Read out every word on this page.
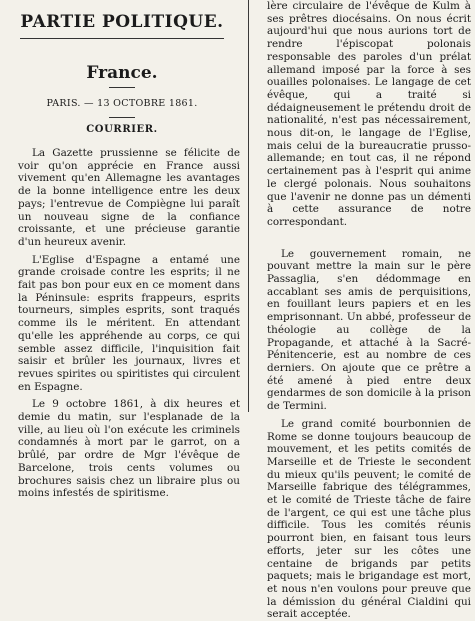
PARTIE POLITIQUE.
France.
PARIS. — 13 OCTOBRE 1861.
COURRIER.

La Gazette prussienne se félicite de voir qu'on apprécie en France aussi vivement qu'en Allemagne les avantages de la bonne intelligence entre les deux pays; l'entrevue de Compiègne lui paraît un nouveau signe de la confiance croissante, et une précieuse garantie d'un heureux avenir.

L'Eglise d'Espagne a entamé une grande croisade contre les esprits; il ne fait pas bon pour eux en ce moment dans la Péninsule: esprits frappeurs, esprits tourneurs, simples esprits, sont traqués comme ils le méritent. En attendant qu'elle les appréhende au corps, ce qui semble assez difficile, l'inquisition fait saisir et brûler les journaux, livres et revues spirites ou spiritistes qui circulent en Espagne.

Le 9 octobre 1861, à dix heures et demie du matin, sur l'esplanade de la ville, au lieu où l'on exécute les criminels condamnés à mort par le garrot, on a brûlé, par ordre de Mgr l'évêque de Barcelone, trois cents volumes ou brochures saisis chez un libraire plus ou moins infestés de spiritisme.

lère circulaire de l'évêque de Kulm à ses prêtres diocésains. On nous écrit aujourd'hui que nous aurions tort de rendre l'épiscopat polonais responsable des paroles d'un prélat allemand imposé par la force à ses ouailles polonaises. Le langage de cet évêque, qui a traité si dédaigneusement le prétendu droit de nationalité, n'est pas nécessairement, nous dit-on, le langage de l'Eglise, mais celui de la bureaucratie prusso-allemande; en tout cas, il ne répond certainement pas à l'esprit qui anime le clergé polonais. Nous souhaitons que l'avenir ne donne pas un démenti à cette assurance de notre correspondant.

Le gouvernement romain, ne pouvant mettre la main sur le père Passaglia, s'en dédommage en accablant ses amis de perquisitions, en fouillant leurs papiers et en les emprisonnant. Un abbé, professeur de théologie au collège de la Propagande, et attaché à la Sacré-Pénitencerie, est au nombre de ces derniers. On ajoute que ce prêtre a été amené à pied entre deux gendarmes de son domicile à la prison de Termini.

Le grand comité bourbonnien de Rome se donne toujours beaucoup de mouvement, et les petits comités de Marseille et de Trieste le secondent du mieux qu'ils peuvent; le comité de Marseille fabrique des télégrammes, et le comité de Trieste tâche de faire de l'argent, ce qui est une tâche plus difficile. Tous les comités réunis pourront bien, en faisant tous leurs efforts, jeter sur les côtes une centaine de brigands par petits paquets; mais le brigandage est mort, et nous n'en voulons pour preuve que la démission du général Cialdini qui serait acceptée.
